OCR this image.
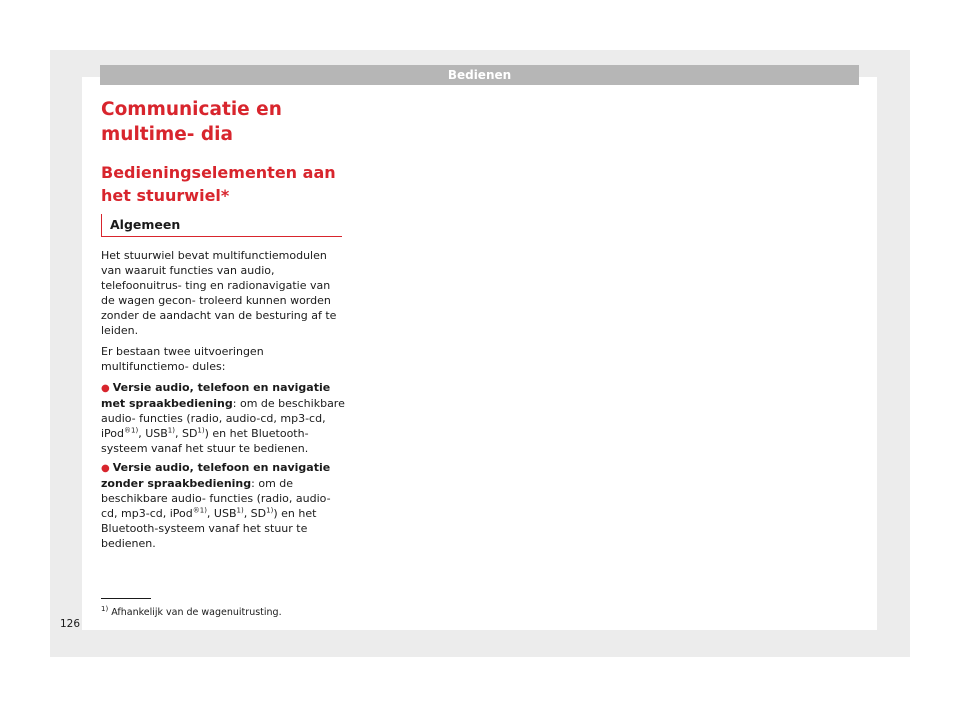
Bedienen
Communicatie en multime- dia
Bedieningselementen aan het stuurwiel*
Algemeen

Het stuurwiel bevat multifunctiemodulen van waaruit functies van audio, telefoonuitrus- ting en radionavigatie van de wagen gecon- troleerd kunnen worden zonder de aandacht van de besturing af te leiden.

Er bestaan twee uitvoeringen multifunctiemo- dules:

● Versie audio, telefoon en navigatie met spraakbediening: om de beschikbare audio- functies (radio, audio-cd, mp3-cd, iPod$^{®1)}$, USB$^{1)}$, SD$^{1)}$) en het Bluetooth-systeem vanaf het stuur te bedienen.
● Versie audio, telefoon en navigatie zonder spraakbediening: om de beschikbare audio- functies (radio, audio-cd, mp3-cd, iPod$^{®1)}$, USB$^{1)}$, SD$^{1)}$) en het Bluetooth-systeem vanaf het stuur te bedienen.
$^{1)}$ Afhankelijk van de wagenuitrusting.
126
